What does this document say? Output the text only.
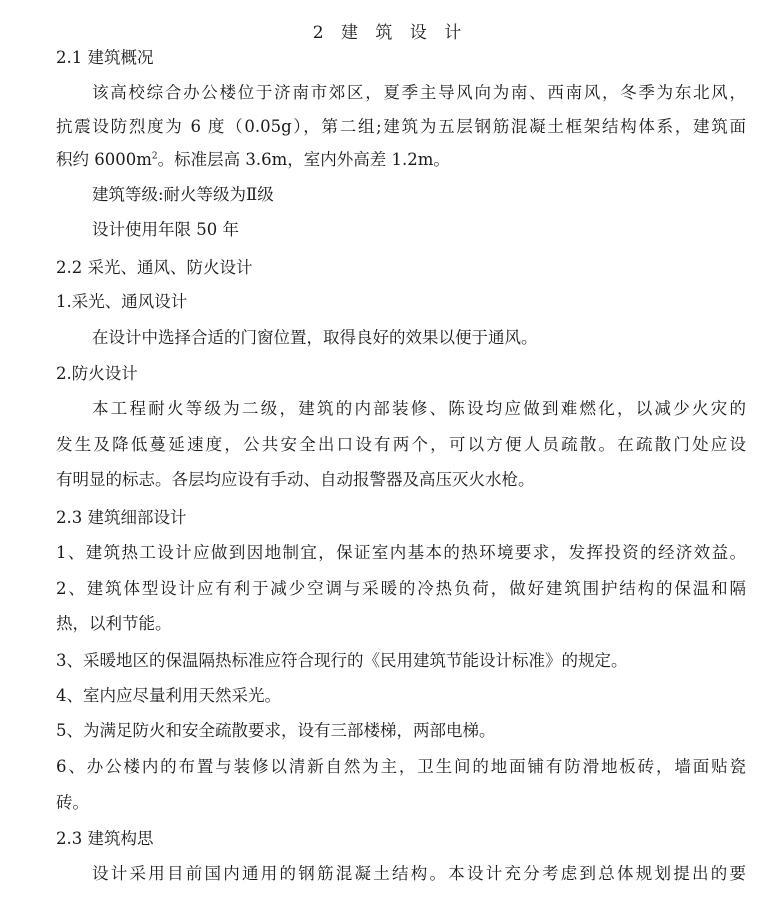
2 建 筑 设 计
2.1 建筑概况
该高校综合办公楼位于济南市郊区，夏季主导风向为南、西南风，冬季为东北风，
抗震设防烈度为 6 度（0.05g），第二组;建筑为五层钢筋混凝土框架结构体系，建筑面
积约 $6000m^2$。标准层高 3.6m，室内外高差 1.2m。
建筑等级:耐火等级为Ⅱ级
设计使用年限 50 年
2.2 采光、通风、防火设计
1.采光、通风设计
在设计中选择合适的门窗位置，取得良好的效果以便于通风。
2.防火设计
本工程耐火等级为二级，建筑的内部装修、陈设均应做到难燃化，以减少火灾的
发生及降低蔓延速度，公共安全出口设有两个，可以方便人员疏散。在疏散门处应设
有明显的标志。各层均应设有手动、自动报警器及高压灭火水枪。
2.3 建筑细部设计
1、建筑热工设计应做到因地制宜，保证室内基本的热环境要求，发挥投资的经济效益。
2、建筑体型设计应有利于减少空调与采暖的冷热负荷，做好建筑围护结构的保温和隔
热，以利节能。
3、采暖地区的保温隔热标准应符合现行的《民用建筑节能设计标准》的规定。
4、室内应尽量利用天然采光。
5、为满足防火和安全疏散要求，设有三部楼梯，两部电梯。
6、办公楼内的布置与装修以清新自然为主，卫生间的地面铺有防滑地板砖，墙面贴瓷
砖。
2.3 建筑构思
设计采用目前国内通用的钢筋混凝土结构。本设计充分考虑到总体规划提出的要
